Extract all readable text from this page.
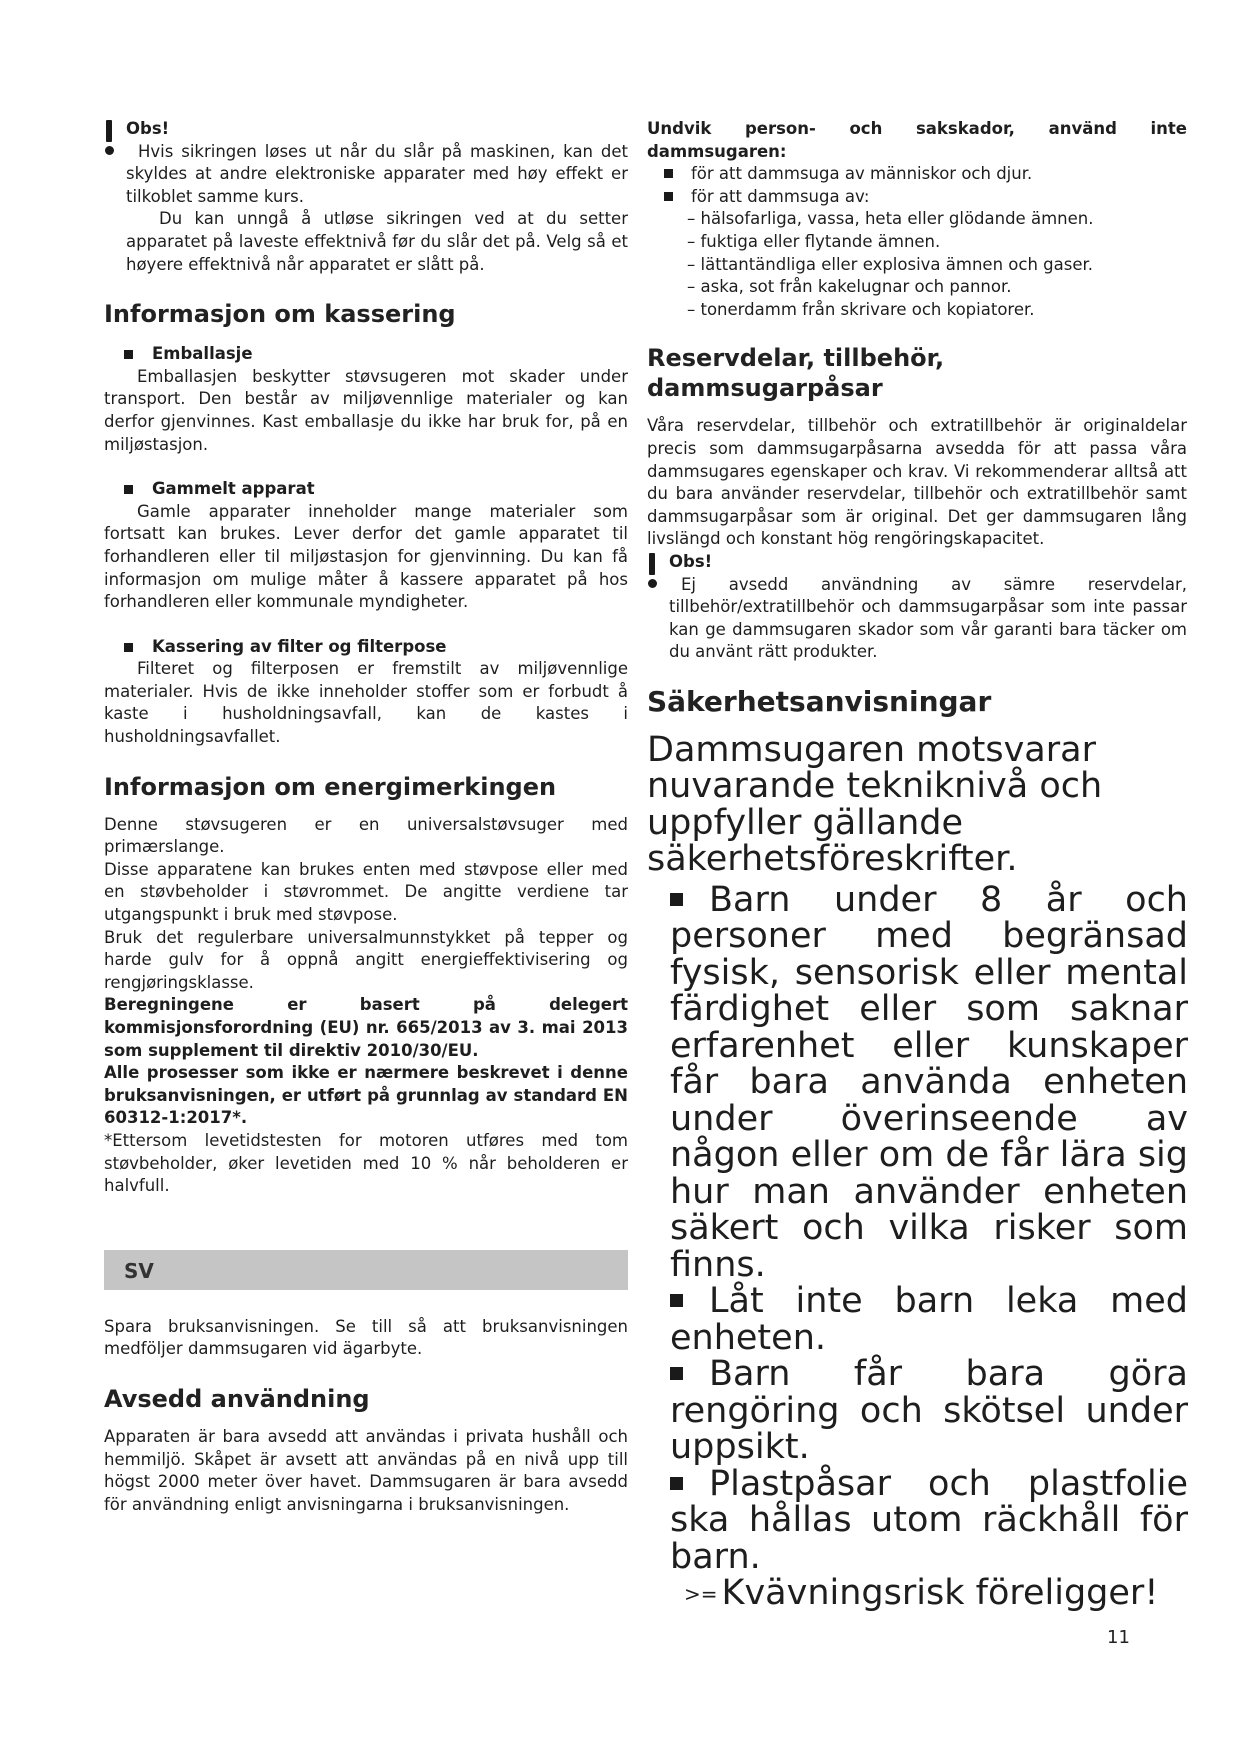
Obs!

Hvis sikringen løses ut når du slår på maskinen, kan det skyldes at andre elektroniske apparater med høy effekt er tilkoblet samme kurs.

Du kan unngå å utløse sikringen ved at du setter apparatet på laveste effektnivå før du slår det på. Velg så et høyere effektnivå når apparatet er slått på.

Informasjon om kassering

Emballasje

Emballasjen beskytter støvsugeren mot skader under transport. Den består av miljøvennlige materialer og kan derfor gjenvinnes. Kast emballasje du ikke har bruk for, på en miljøstasjon.

Gammelt apparat

Gamle apparater inneholder mange materialer som fortsatt kan brukes. Lever derfor det gamle apparatet til forhandleren eller til miljøstasjon for gjenvinning. Du kan få informasjon om mulige måter å kassere apparatet på hos forhandleren eller kommunale myndigheter.

Kassering av filter og filterpose

Filteret og filterposen er fremstilt av miljøvennlige materialer. Hvis de ikke inneholder stoffer som er forbudt å kaste i husholdningsavfall, kan de kastes i husholdningsavfallet.

Informasjon om energimerkingen

Denne støvsugeren er en universalstøvsuger med primærslange.

Disse apparatene kan brukes enten med støvpose eller med en støvbeholder i støvrommet. De angitte verdiene tar utgangspunkt i bruk med støvpose.

Bruk det regulerbare universalmunnstykket på tepper og harde gulv for å oppnå angitt energieffektivisering og rengjøringsklasse.

Beregningene er basert på delegert kommisjonsforordning (EU) nr. 665/2013 av 3. mai 2013 som supplement til direktiv 2010/30/EU.

Alle prosesser som ikke er nærmere beskrevet i denne bruksanvisningen, er utført på grunnlag av standard EN 60312-1:2017*.

*Ettersom levetidstesten for motoren utføres med tom støvbeholder, øker levetiden med 10 % når beholderen er halvfull.

SV

Spara bruksanvisningen. Se till så att bruksanvisningen medföljer dammsugaren vid ägarbyte.

Avsedd användning

Apparaten är bara avsedd att användas i privata hushåll och hemmiljö. Skåpet är avsett att användas på en nivå upp till högst 2000 meter över havet. Dammsugaren är bara avsedd för användning enligt anvisningarna i bruksanvisningen.

Undvik person- och sakskador, använd inte dammsugaren:

för att dammsuga av människor och djur.

för att dammsuga av:

– hälsofarliga, vassa, heta eller glödande ämnen.

– fuktiga eller flytande ämnen.

– lättantändliga eller explosiva ämnen och gaser.

– aska, sot från kakelugnar och pannor.

– tonerdamm från skrivare och kopiatorer.

Reservdelar, tillbehör, dammsugarpåsar

Våra reservdelar, tillbehör och extratillbehör är originaldelar precis som dammsugarpåsarna avsedda för att passa våra dammsugares egenskaper och krav. Vi rekommenderar alltså att du bara använder reservdelar, tillbehör och extratillbehör samt dammsugarpåsar som är original. Det ger dammsugaren lång livslängd och konstant hög rengöringskapacitet.

Obs!

Ej avsedd användning av sämre reservdelar, tillbehör/extratillbehör och dammsugarpåsar som inte passar kan ge dammsugaren skador som vår garanti bara täcker om du använt rätt produkter.

Säkerhetsanvisningar

Dammsugaren motsvarar nuvarande tekniknivå och uppfyller gällande säkerhetsföreskrifter.

Barn under 8 år och personer med begränsad fysisk, sensorisk eller mental färdighet eller som saknar erfarenhet eller kunskaper får bara använda enheten under överinseende av någon eller om de får lära sig hur man använder enheten säkert och vilka risker som finns.

Låt inte barn leka med enheten.

Barn får bara göra rengöring och skötsel under uppsikt.

Plastpåsar och plastfolie ska hållas utom räckhåll för barn.

>= Kvävningsrisk föreligger!

11
